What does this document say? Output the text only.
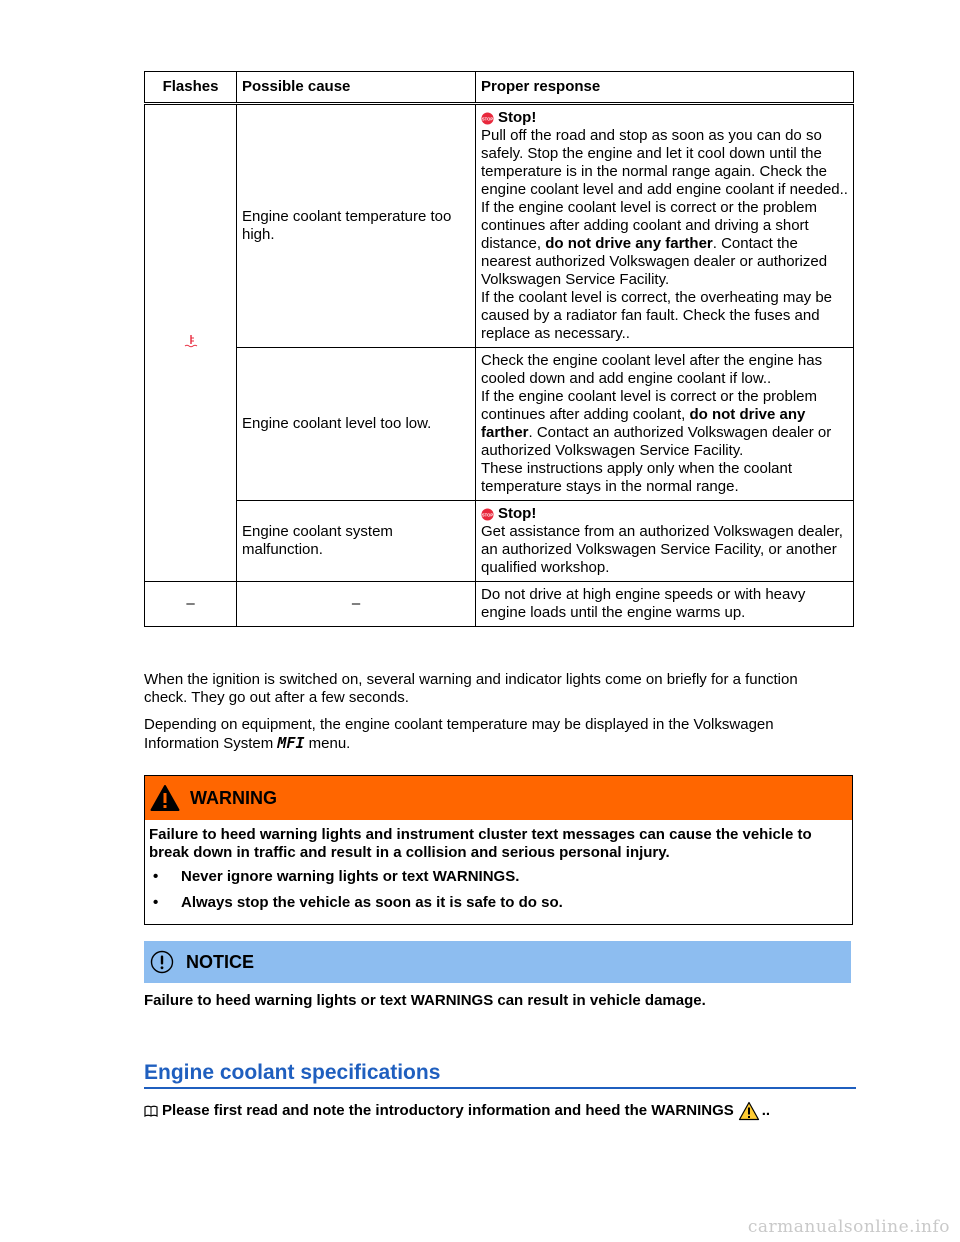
Flashes	Possible cause	Proper response
	Engine coolant temperature too high.	STOP Stop!
Pull off the road and stop as soon as you can do so safely. Stop the engine and let it cool down until the temperature is in the normal range again. Check the engine coolant level and add engine coolant if needed..
If the engine coolant level is correct or the problem continues after adding coolant and driving a short distance, do not drive any farther. Contact the nearest authorized Volkswagen dealer or authorized Volkswagen Service Facility.
If the coolant level is correct, the overheating may be caused by a radiator fan fault. Check the fuses and replace as necessary..

	Engine coolant level too low.	Check the engine coolant level after the engine has cooled down and add engine coolant if low..
If the engine coolant level is correct or the problem continues after adding coolant, do not drive any farther. Contact an authorized Volkswagen dealer or authorized Volkswagen Service Facility.
These instructions apply only when the coolant temperature stays in the normal range.

	Engine coolant system malfunction.	STOP Stop!
Get assistance from an authorized Volkswagen dealer, an authorized Volkswagen Service Facility, or another qualified workshop.

–	–	Do not drive at high engine speeds or with heavy engine loads until the engine warms up.
When the ignition is switched on, several warning and indicator lights come on briefly for a function check. They go out after a few seconds.
Depending on equipment, the engine coolant temperature may be displayed in the Volkswagen Information System MFI menu.
WARNING

Failure to heed warning lights and instrument cluster text messages can cause the vehicle to break down in traffic and result in a collision and serious personal injury.

•	Never ignore warning lights or text WARNINGS.
•	Always stop the vehicle as soon as it is safe to do so.
NOTICE
Failure to heed warning lights or text WARNINGS can result in vehicle damage.
Engine coolant specifications
Please first read and note the introductory information and heed the WARNINGS ..
carmanualsonline.info
